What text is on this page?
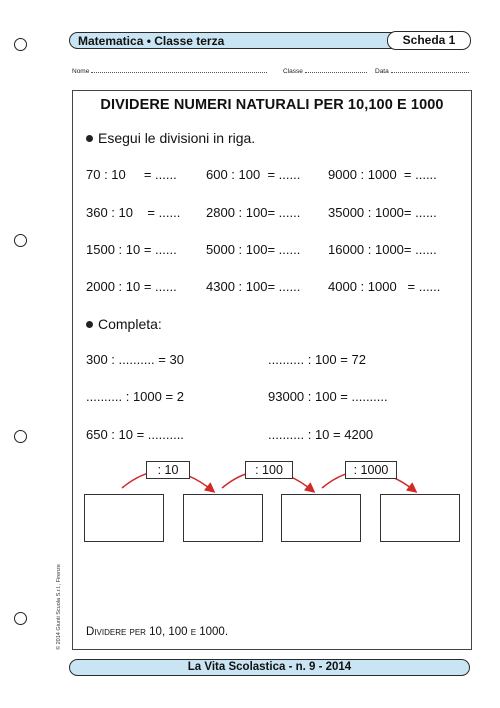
Matematica • Classe terza	Scheda 1
Nome	Classe	Data
DIVIDERE NUMERI NATURALI PER 10,100 E 1000
Esegui le divisioni in riga.
70 : 10     = ...... 600 : 100  = ...... 9000 : 1000  = ......
360 : 10    = ...... 2800 : 100= ...... 35000 : 1000= ......
1500 : 10 = ...... 5000 : 100= ...... 16000 : 1000= ......
2000 : 10 = ...... 4300 : 100= ...... 4000 : 1000   = ......
Completa:
300 : .......... = 30	.......... : 100 = 72
.......... : 1000 = 2	93000 : 100 = ..........
650 : 10 = ..........	.......... : 10 = 4200
: 10	: 100	: 1000
Dividere per 10, 100 e 1000.
© 2014 Giunti Scuola S.r.l., Firenze
La Vita Scolastica - n. 9 - 2014
